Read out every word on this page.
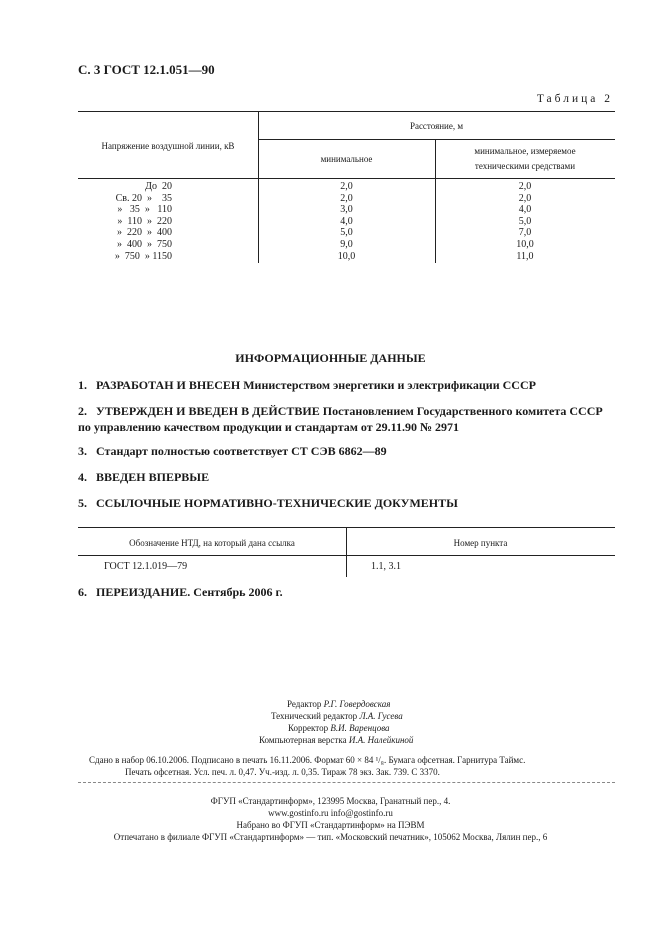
С. 3 ГОСТ 12.1.051—90
Таблица 2
Напряжение воздушной линии, кВ
Расстояние, м
минимальное
минимальное, измеряемое
техническими средствами
До  20	2,0	2,0
Св. 20  »    35	2,0	2,0
»   35  »   110	3,0	4,0
»  110  »  220	4,0	5,0
»  220  »  400	5,0	7,0
»  400  »  750	9,0	10,0
»  750  » 1150	10,0	11,0
ИНФОРМАЦИОННЫЕ ДАННЫЕ
1. РАЗРАБОТАН И ВНЕСЕН Министерством энергетики и электрификации СССР
2. УТВЕРЖДЕН И ВВЕДЕН В ДЕЙСТВИЕ Постановлением Государственного комитета СССР по управлению качеством продукции и стандартам от 29.11.90 № 2971
3. Стандарт полностью соответствует СТ СЭВ 6862—89
4. ВВЕДЕН ВПЕРВЫЕ
5. ССЫЛОЧНЫЕ НОРМАТИВНО-ТЕХНИЧЕСКИЕ ДОКУМЕНТЫ
Обозначение НТД, на который дана ссылка	Номер пункта
ГОСТ 12.1.019—79	1.1, 3.1
6. ПЕРЕИЗДАНИЕ. Сентябрь 2006 г.
Редактор Р.Г. Говердовская
Технический редактор Л.А. Гусева
Корректор В.И. Варенцова
Компьютерная верстка И.А. Налейкиной
Сдано в набор 06.10.2006. Подписано в печать 16.11.2006. Формат 60 × 84 ¹/₈. Бумага офсетная. Гарнитура Таймс.
Печать офсетная. Усл. печ. л. 0,47. Уч.-изд. л. 0,35. Тираж 78 экз. Зак. 739. С 3370.
ФГУП «Стандартинформ», 123995 Москва, Гранатный пер., 4.
www.gostinfo.ru info@gostinfo.ru
Набрано во ФГУП «Стандартинформ» на ПЭВМ
Отпечатано в филиале ФГУП «Стандартинформ» — тип. «Московский печатник», 105062 Москва, Лялин пер., 6
